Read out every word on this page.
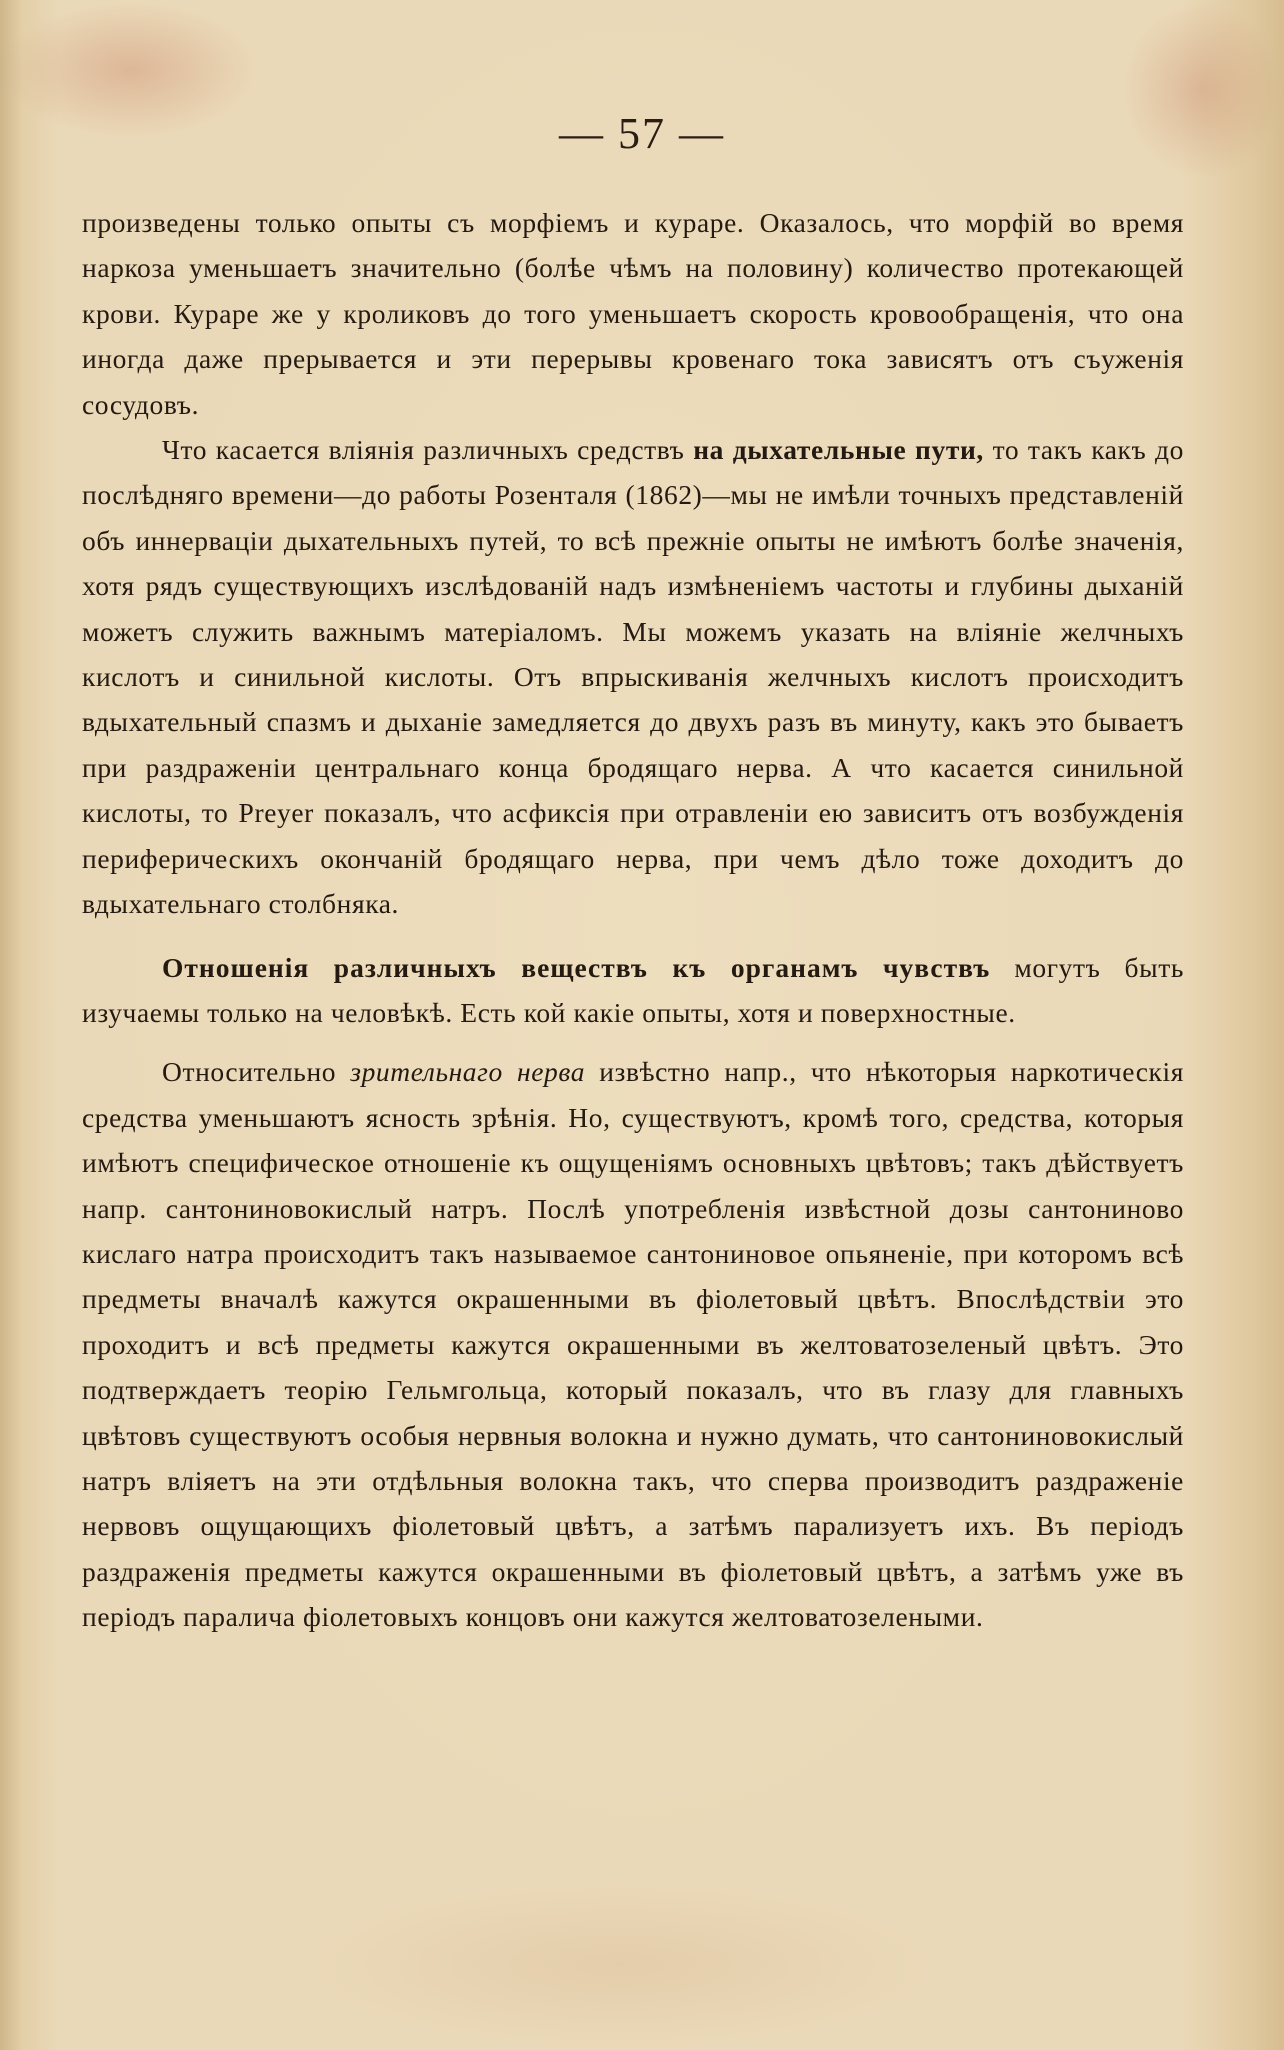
— 57 —

произведены только опыты съ морфіемъ и кураре. Оказалось, что морфій во время наркоза уменьшаетъ значительно (болѣе чѣмъ на половину) количество протекающей крови. Кураре же у кроликовъ до того уменьшаетъ скорость кровообращенія, что она иногда даже прерывается и эти перерывы кровенаго тока зависятъ отъ съуженія сосудовъ.

Что касается вліянія различныхъ средствъ на дыхательные пути, то такъ какъ до послѣдняго времени—до работы Розенталя (1862)—мы не имѣли точныхъ представленій объ иннерваціи дыхательныхъ путей, то всѣ прежніе опыты не имѣютъ болѣе значенія, хотя рядъ существующихъ изслѣдованій надъ измѣненіемъ частоты и глубины дыханій можетъ служить важнымъ матеріаломъ. Мы можемъ указать на вліяніе желчныхъ кислотъ и синильной кислоты. Отъ впрыскиванія желчныхъ кислотъ происходитъ вдыхательный спазмъ и дыханіе замедляется до двухъ разъ въ минуту, какъ это бываетъ при раздраженіи центральнаго конца бродящаго нерва. А что касается синильной кислоты, то Preyer показалъ, что асфиксія при отравленіи ею зависитъ отъ возбужденія периферическихъ окончаній бродящаго нерва, при чемъ дѣло тоже доходитъ до вдыхательнаго столбняка.

Отношенія различныхъ веществъ къ органамъ чувствъ могутъ быть изучаемы только на человѣкѣ. Есть кой какіе опыты, хотя и поверхностные.

Относительно зрительнаго нерва извѣстно напр., что нѣкоторыя наркотическія средства уменьшаютъ ясность зрѣнія. Но, существуютъ, кромѣ того, средства, которыя имѣютъ специфическое отношеніе къ ощущеніямъ основныхъ цвѣтовъ; такъ дѣйствуетъ напр. сантониновокислый натръ. Послѣ употребленія извѣстной дозы сантониново кислаго натра происходитъ такъ называемое сантониновое опьяненіе, при которомъ всѣ предметы вначалѣ кажутся окрашенными въ фіолетовый цвѣтъ. Впослѣдствіи это проходитъ и всѣ предметы кажутся окрашенными въ желтоватозеленый цвѣтъ. Это подтверждаетъ теорію Гельмгольца, который показалъ, что въ глазу для главныхъ цвѣтовъ существуютъ особыя нервныя волокна и нужно думать, что сантониновокислый натръ вліяетъ на эти отдѣльныя волокна такъ, что сперва производитъ раздраженіе нервовъ ощущающихъ фіолетовый цвѣтъ, а затѣмъ парализуетъ ихъ. Въ періодъ раздраженія предметы кажутся окрашенными въ фіолетовый цвѣтъ, а затѣмъ уже въ періодъ паралича фіолетовыхъ концовъ они кажутся желтоватозелеными.
